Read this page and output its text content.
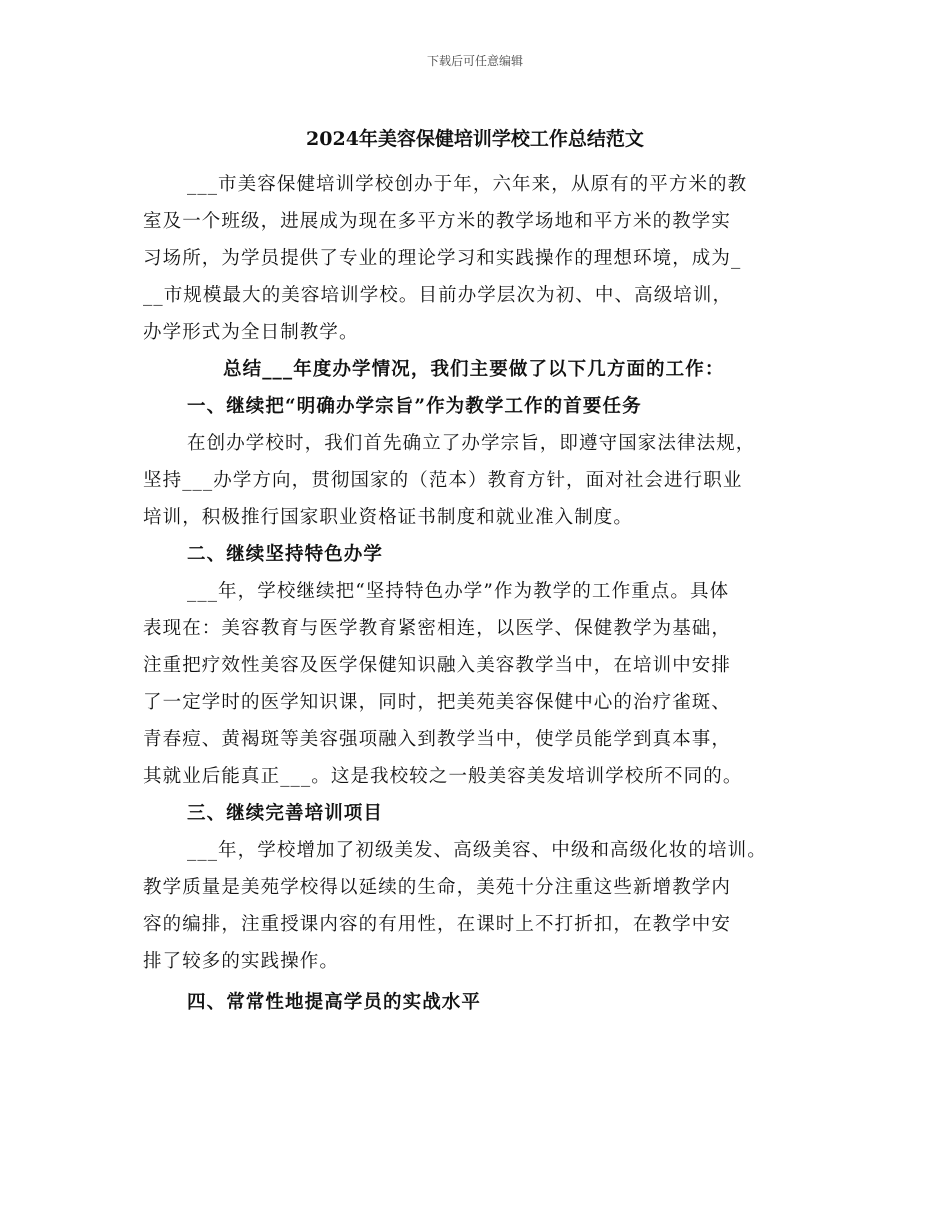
下载后可任意编辑
2024年美容保健培训学校工作总结范文
___市美容保健培训学校创办于年，六年来，从原有的平方米的教
室及一个班级，进展成为现在多平方米的教学场地和平方米的教学实
习场所，为学员提供了专业的理论学习和实践操作的理想环境，成为_
__市规模最大的美容培训学校。目前办学层次为初、中、高级培训，
办学形式为全日制教学。
总结___年度办学情况，我们主要做了以下几方面的工作：
一、继续把“明确办学宗旨”作为教学工作的首要任务
在创办学校时，我们首先确立了办学宗旨，即遵守国家法律法规，
坚持___办学方向，贯彻国家的（范本）教育方针，面对社会进行职业
培训，积极推行国家职业资格证书制度和就业准入制度。
二、继续坚持特色办学
___年，学校继续把“坚持特色办学”作为教学的工作重点。具体
表现在：美容教育与医学教育紧密相连，以医学、保健教学为基础，
注重把疗效性美容及医学保健知识融入美容教学当中，在培训中安排
了一定学时的医学知识课，同时，把美苑美容保健中心的治疗雀斑、
青春痘、黄褐斑等美容强项融入到教学当中，使学员能学到真本事，
其就业后能真正___。这是我校较之一般美容美发培训学校所不同的。
三、继续完善培训项目
___年，学校增加了初级美发、高级美容、中级和高级化妆的培训。
教学质量是美苑学校得以延续的生命，美苑十分注重这些新增教学内
容的编排，注重授课内容的有用性，在课时上不打折扣，在教学中安
排了较多的实践操作。
四、常常性地提高学员的实战水平
